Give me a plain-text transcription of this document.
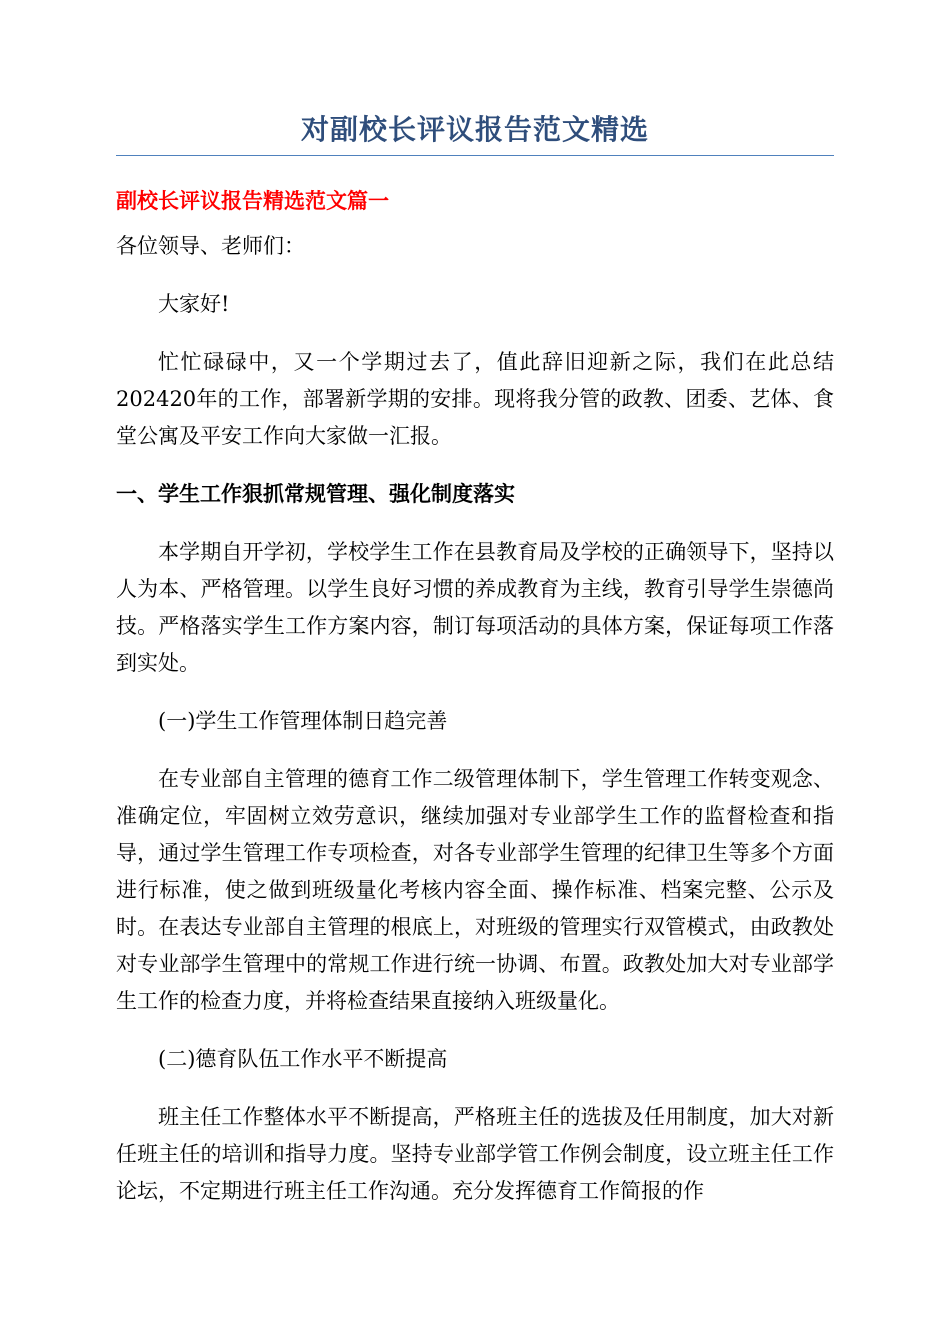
对副校长评议报告范文精选
副校长评议报告精选范文篇一

各位领导、老师们：

大家好!

忙忙碌碌中，又一个学期过去了，值此辞旧迎新之际，我们在此总结202420年的工作，部署新学期的安排。现将我分管的政教、团委、艺体、食堂公寓及平安工作向大家做一汇报。

一、学生工作狠抓常规管理、强化制度落实

本学期自开学初，学校学生工作在县教育局及学校的正确领导下，坚持以人为本、严格管理。以学生良好习惯的养成教育为主线，教育引导学生崇德尚技。严格落实学生工作方案内容，制订每项活动的具体方案，保证每项工作落到实处。

(一)学生工作管理体制日趋完善

在专业部自主管理的德育工作二级管理体制下，学生管理工作转变观念、准确定位，牢固树立效劳意识，继续加强对专业部学生工作的监督检查和指导，通过学生管理工作专项检查，对各专业部学生管理的纪律卫生等多个方面进行标准，使之做到班级量化考核内容全面、操作标准、档案完整、公示及时。在表达专业部自主管理的根底上，对班级的管理实行双管模式，由政教处对专业部学生管理中的常规工作进行统一协调、布置。政教处加大对专业部学生工作的检查力度，并将检查结果直接纳入班级量化。

(二)德育队伍工作水平不断提高

班主任工作整体水平不断提高，严格班主任的选拔及任用制度，加大对新任班主任的培训和指导力度。坚持专业部学管工作例会制度，设立班主任工作论坛，不定期进行班主任工作沟通。充分发挥德育工作简报的作
